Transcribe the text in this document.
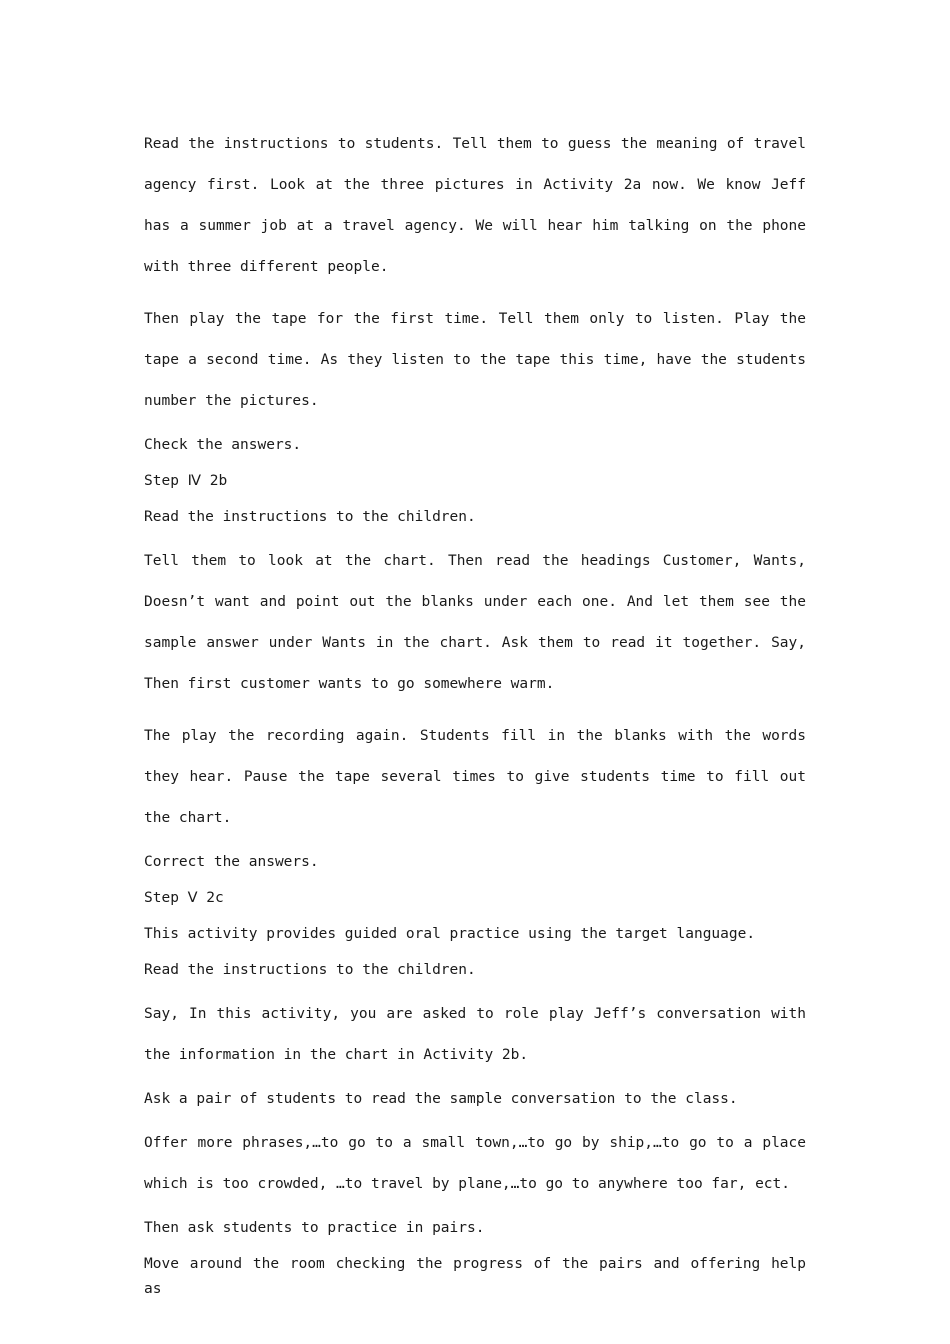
Read the instructions to students. Tell them to guess the meaning of travel agency first. Look at the three pictures in Activity 2a now. We know Jeff has a summer job at a travel agency. We will hear him talking on the phone with three different people.

Then play the tape for the first time. Tell them only to listen. Play the tape a second time. As they listen to the tape this time, have the students number the pictures.

Check the answers.

Step Ⅳ 2b

Read the instructions to the children.

Tell them to look at the chart. Then read the headings Customer, Wants, Doesn’t want and point out the blanks under each one. And let them see the sample answer under Wants in the chart. Ask them to read it together. Say, Then first customer wants to go somewhere warm.

The play the recording again. Students fill in the blanks with the words they hear. Pause the tape several times to give students time to fill out the chart.

Correct the answers.

Step Ⅴ 2c

This activity provides guided oral practice using the target language.

Read the instructions to the children.

Say, In this activity, you are asked to role play Jeff’s conversation with the information in the chart in Activity 2b.

Ask a pair of students to read the sample conversation to the class.

Offer more phrases,…to go to a small town,…to go by ship,…to go to a place which is too crowded, …to travel by plane,…to go to anywhere too far, ect.

Then ask students to practice in pairs.

Move around the room checking the progress of the pairs and offering help as
